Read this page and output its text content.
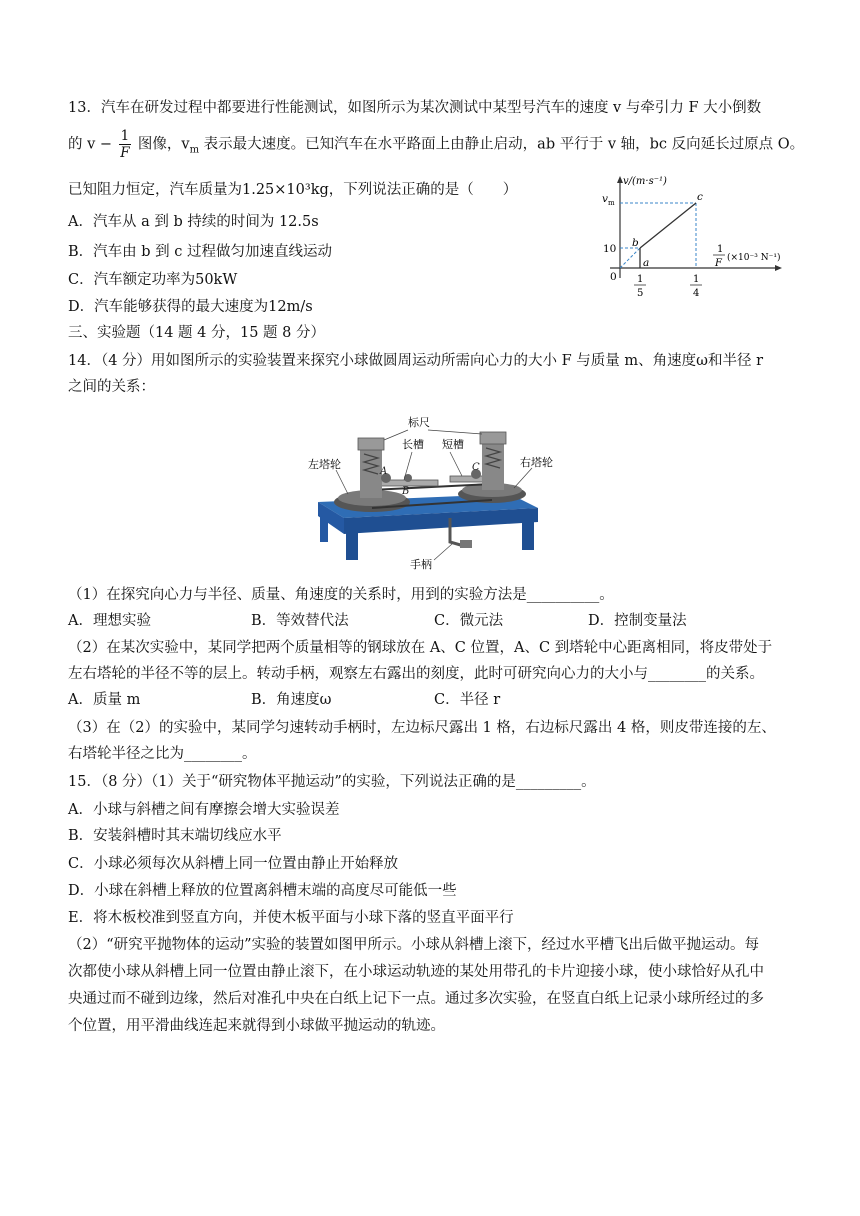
13．汽车在研发过程中都要进行性能测试，如图所示为某次测试中某型号汽车的速度 v 与牵引力 F 大小倒数
的 $v - \frac{1}{F}$ 图像，$v_m$ 表示最大速度。已知汽车在水平路面上由静止启动，ab 平行于 v 轴，bc 反向延长过原点 O。
已知阻力恒定，汽车质量为1.25×10³kg，下列说法正确的是（　　）
A．汽车从 a 到 b 持续的时间为 12.5s
B．汽车由 b 到 c 过程做匀加速直线运动
C．汽车额定功率为50kW
D．汽车能够获得的最大速度为12m/s
v/(m·s⁻¹)
v m
10
0
a
b
c
1
5
1
4
1
F (×10⁻³ N⁻¹)
三、实验题（14 题 4 分，15 题 8 分）
14．（4 分）用如图所示的实验装置来探究小球做圆周运动所需向心力的大小 F 与质量 m、角速度ω和半径 r
之间的关系：
标尺
长槽 短槽
左塔轮	右塔轮
手柄
A
B
C
（1）在探究向心力与半径、质量、角速度的关系时，用到的实验方法是__________。
A．理想实验	B．等效替代法	C．微元法	D．控制变量法
（2）在某次实验中，某同学把两个质量相等的钢球放在 A、C 位置，A、C 到塔轮中心距离相同，将皮带处于
左右塔轮的半径不等的层上。转动手柄，观察左右露出的刻度，此时可研究向心力的大小与________的关系。
A．质量 m	B．角速度ω	C．半径 r
（3）在（2）的实验中，某同学匀速转动手柄时，左边标尺露出 1 格，右边标尺露出 4 格，则皮带连接的左、
右塔轮半径之比为________。
15．（8 分）（1）关于“研究物体平抛运动”的实验，下列说法正确的是_________。
A．小球与斜槽之间有摩擦会增大实验误差
B．安装斜槽时其末端切线应水平
C．小球必须每次从斜槽上同一位置由静止开始释放
D．小球在斜槽上释放的位置离斜槽末端的高度尽可能低一些
E．将木板校准到竖直方向，并使木板平面与小球下落的竖直平面平行
（2）“研究平抛物体的运动”实验的装置如图甲所示。小球从斜槽上滚下，经过水平槽飞出后做平抛运动。每
次都使小球从斜槽上同一位置由静止滚下，在小球运动轨迹的某处用带孔的卡片迎接小球，使小球恰好从孔中
央通过而不碰到边缘，然后对准孔中央在白纸上记下一点。通过多次实验，在竖直白纸上记录小球所经过的多
个位置，用平滑曲线连起来就得到小球做平抛运动的轨迹。
